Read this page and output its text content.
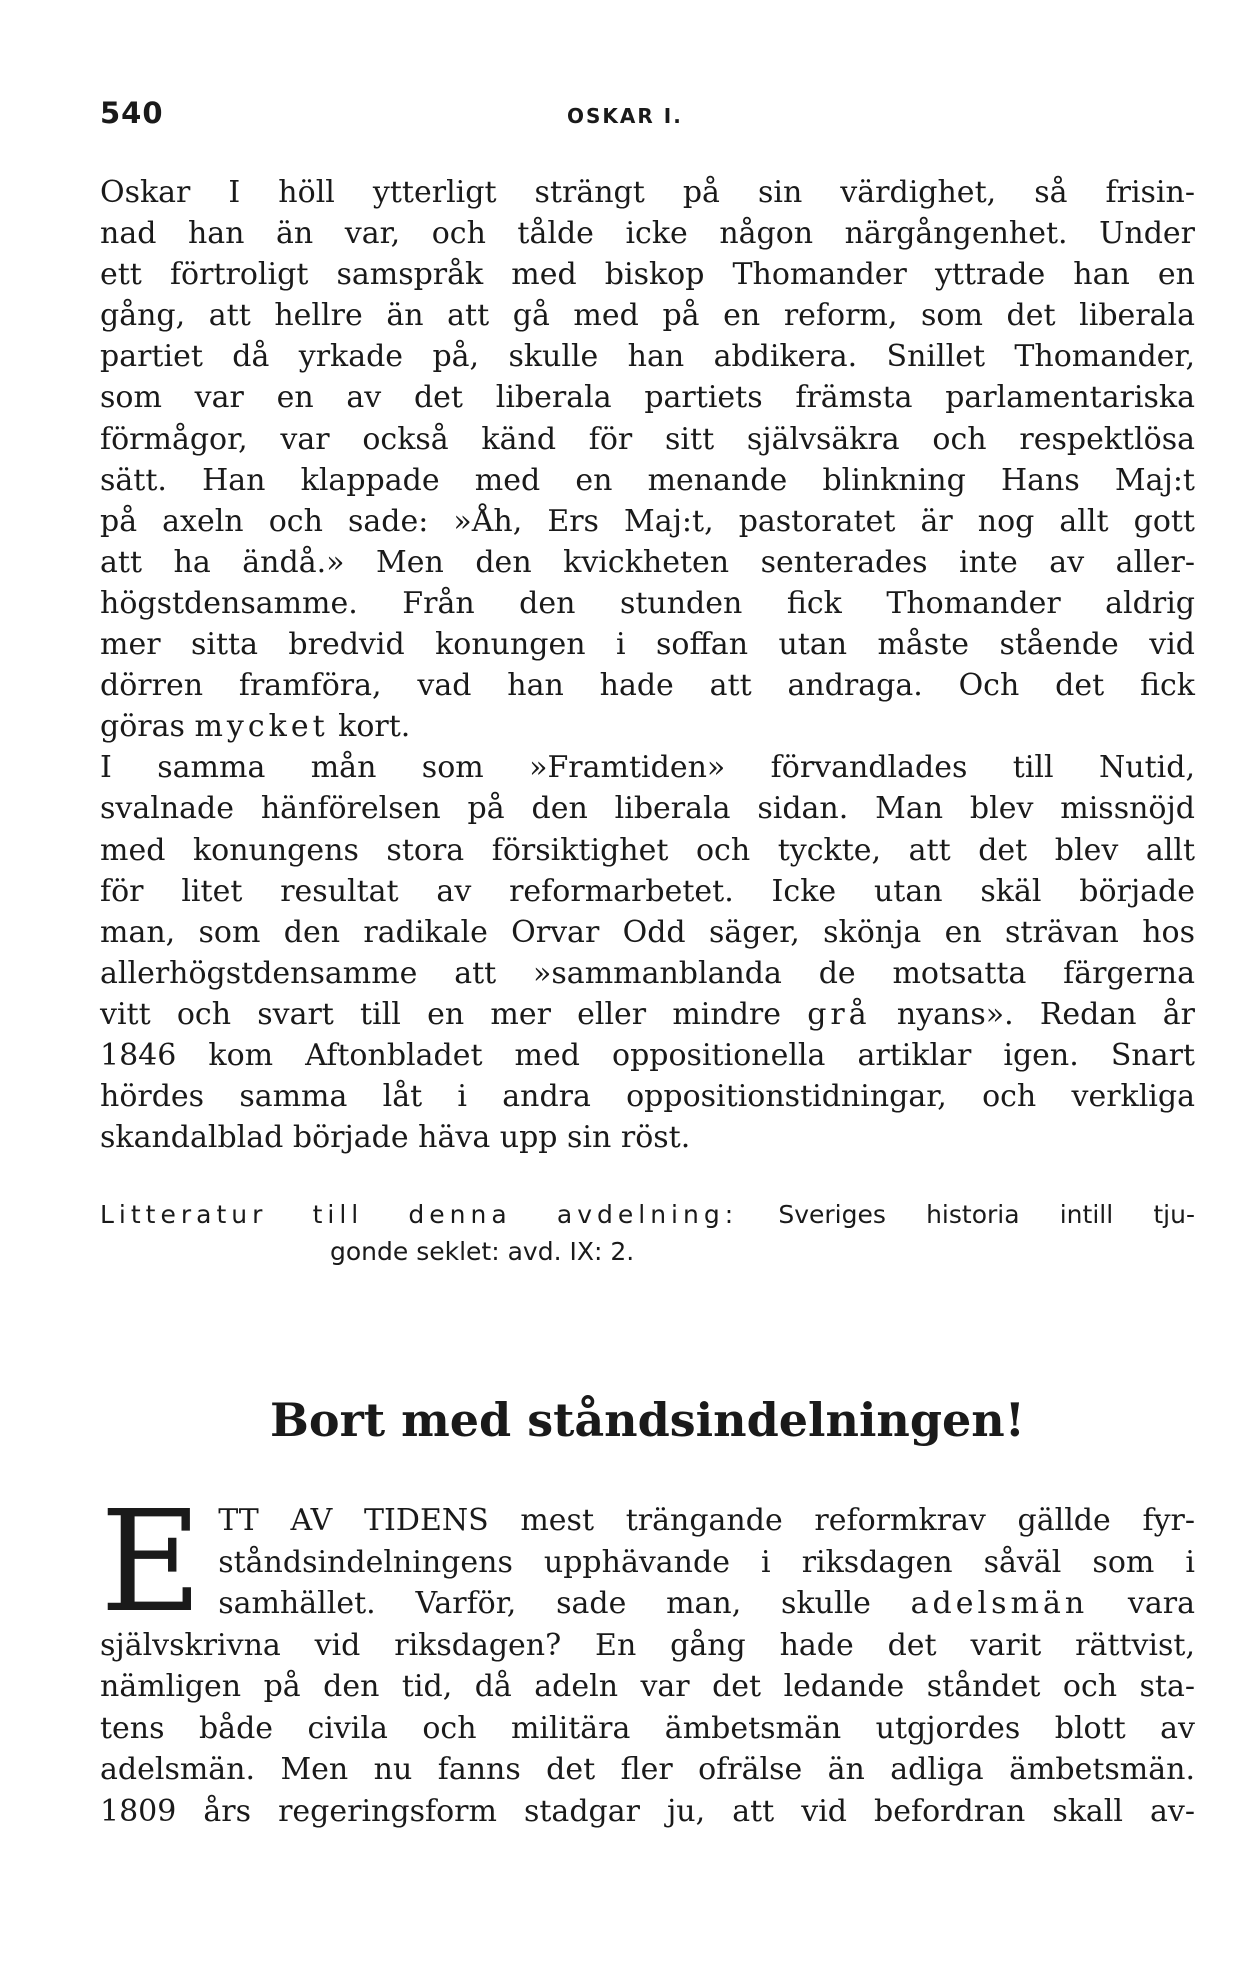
540	OSKAR I.

Oskar I höll ytterligt strängt på sin värdighet, så frisin-
nad han än var, och tålde icke någon närgångenhet. Under
ett förtroligt samspråk med biskop Thomander yttrade han en
gång, att hellre än att gå med på en reform, som det liberala
partiet då yrkade på, skulle han abdikera. Snillet Thomander,
som var en av det liberala partiets främsta parlamentariska
förmågor, var också känd för sitt självsäkra och respektlösa
sätt. Han klappade med en menande blinkning Hans Maj:t
på axeln och sade: »Åh, Ers Maj:t, pastoratet är nog allt gott
att ha ändå.» Men den kvickheten senterades inte av aller-
högstdensamme. Från den stunden fick Thomander aldrig
mer sitta bredvid konungen i soffan utan måste stående vid
dörren framföra, vad han hade att andraga. Och det fick
göras mycket kort.

I samma mån som »Framtiden» förvandlades till Nutid,
svalnade hänförelsen på den liberala sidan. Man blev missnöjd
med konungens stora försiktighet och tyckte, att det blev allt
för litet resultat av reformarbetet. Icke utan skäl började
man, som den radikale Orvar Odd säger, skönja en strävan hos
allerhögstdensamme att »sammanblanda de motsatta färgerna
vitt och svart till en mer eller mindre grå nyans». Redan år
1846 kom Aftonbladet med oppositionella artiklar igen. Snart
hördes samma låt i andra oppositionstidningar, och verkliga
skandalblad började häva upp sin röst.

Litteratur till denna avdelning: Sveriges historia intill tju-
gonde seklet: avd. IX: 2.
Bort med ståndsindelningen!
E TT AV TIDENS mest trängande reformkrav gällde fyr-
ståndsindelningens upphävande i riksdagen såväl som i
samhället. Varför, sade man, skulle adelsmän vara
självskrivna vid riksdagen? En gång hade det varit rättvist,
nämligen på den tid, då adeln var det ledande ståndet och sta-
tens både civila och militära ämbetsmän utgjordes blott av
adelsmän. Men nu fanns det fler ofrälse än adliga ämbetsmän.
1809 års regeringsform stadgar ju, att vid befordran skall av-
